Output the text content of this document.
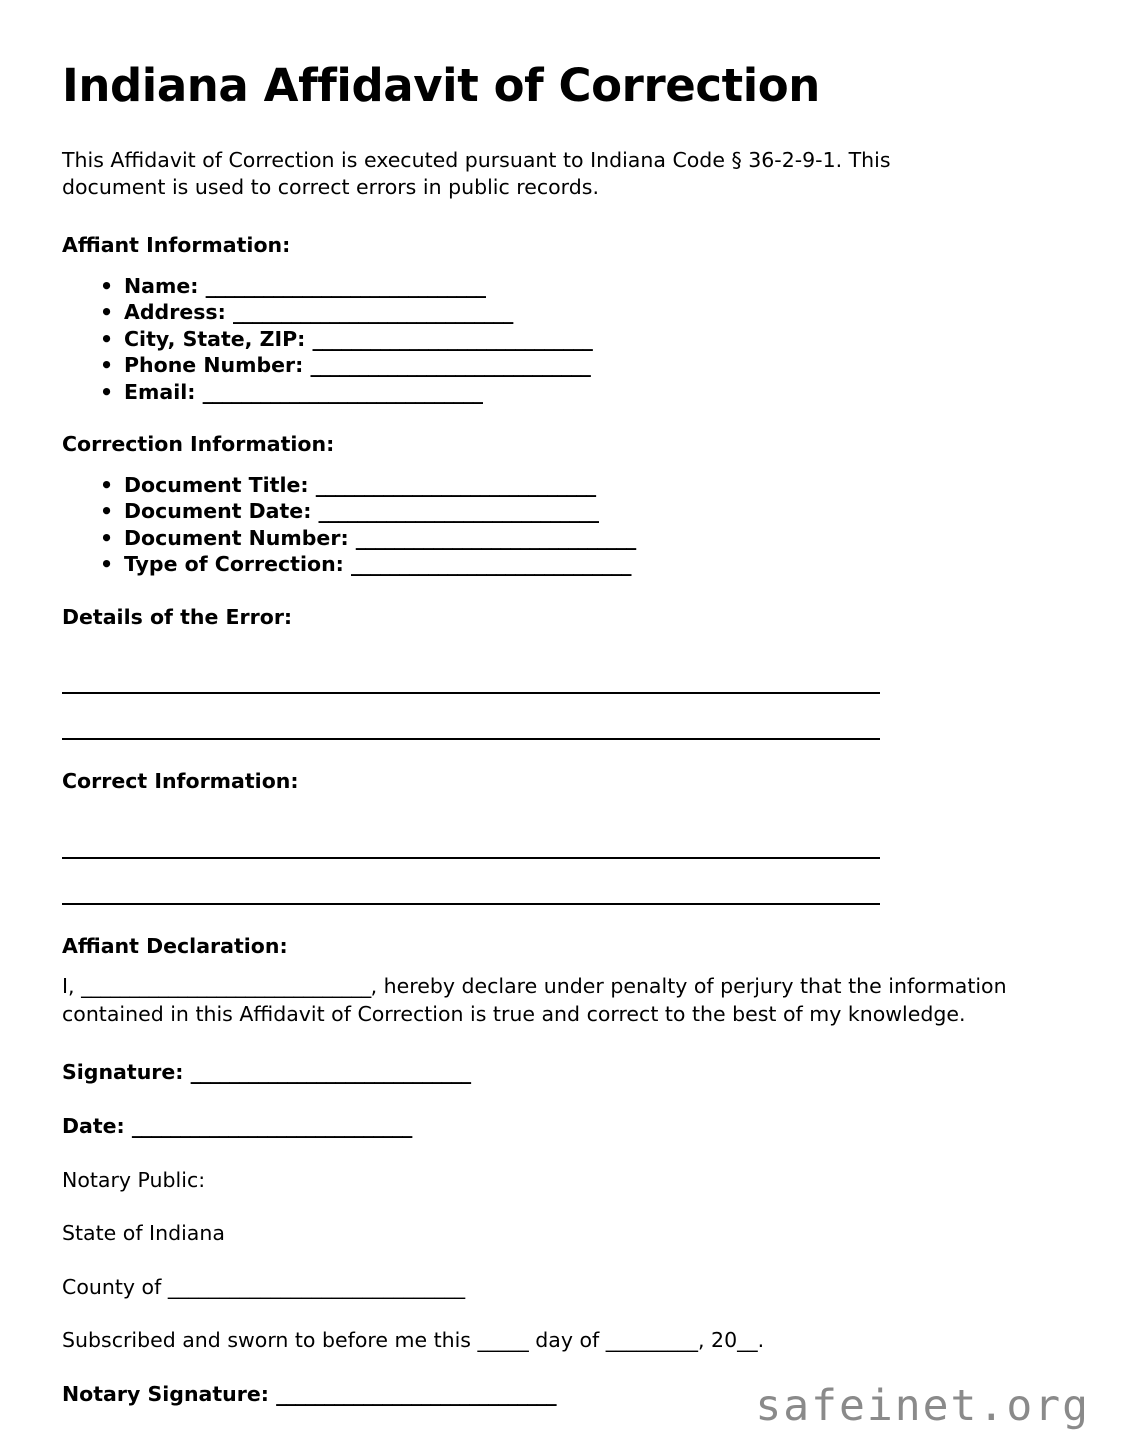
Indiana Affidavit of Correction

This Affidavit of Correction is executed pursuant to Indiana Code § 36-2-9-1. This document is used to correct errors in public records.

Affiant Information:
• Name: _____________________________
• Address: _____________________________
• City, State, ZIP: _____________________________
• Phone Number: _____________________________
• Email: _____________________________
Correction Information:
• Document Title: _____________________________
• Document Date: _____________________________
• Document Number: _____________________________
• Type of Correction: _____________________________
Details of the Error:
Correct Information:
Affiant Declaration:

I, ______________________________, hereby declare under penalty of perjury that the information contained in this Affidavit of Correction is true and correct to the best of my knowledge.

Signature: _____________________________
Date: _____________________________
Notary Public:
State of Indiana
County of _____________________________
Subscribed and sworn to before me this _____ day of _________, 20__.
Notary Signature: _____________________________	safeinet.org
